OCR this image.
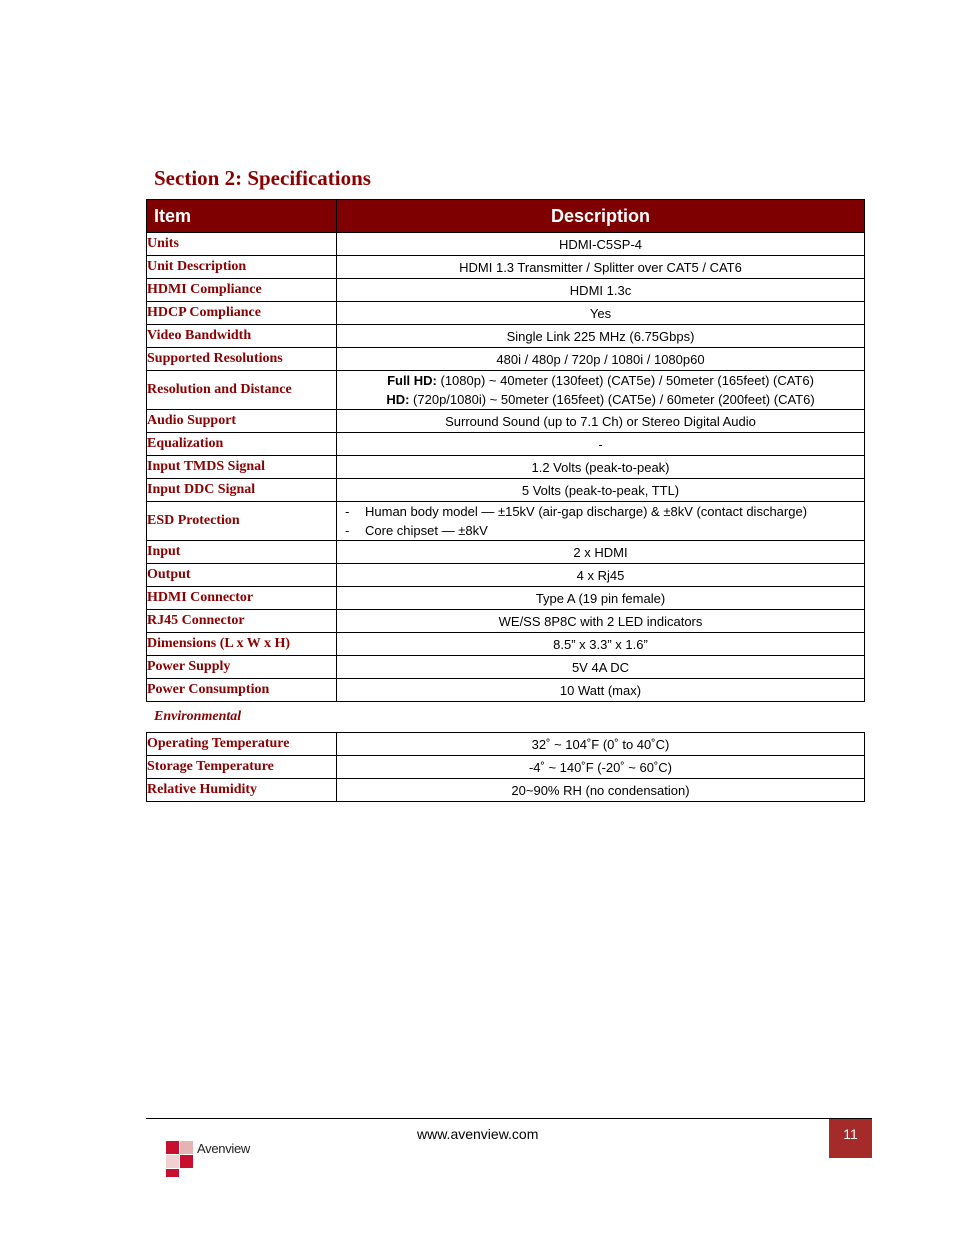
Section 2: Specifications
Item	Description
Units	HDMI-C5SP-4
Unit Description	HDMI 1.3 Transmitter / Splitter over CAT5 / CAT6
HDMI Compliance	HDMI 1.3c
HDCP Compliance	Yes
Video Bandwidth	Single Link 225 MHz (6.75Gbps)
Supported Resolutions	480i / 480p / 720p / 1080i / 1080p60
Resolution and Distance	Full HD: (1080p) ~ 40meter (130feet) (CAT5e) / 50meter (165feet) (CAT6)
HD: (720p/1080i) ~ 50meter (165feet) (CAT5e) / 60meter (200feet) (CAT6)

Audio Support	Surround Sound (up to 7.1 Ch) or Stereo Digital Audio
Equalization	-
Input TMDS Signal	1.2 Volts (peak-to-peak)
Input DDC Signal	5 Volts (peak-to-peak, TTL)
ESD Protection	- Human body model — ±15kV (air-gap discharge) & ±8kV (contact discharge)
- Core chipset — ±8kV

Input	2 x HDMI
Output	4 x Rj45
HDMI Connector	Type A (19 pin female)
RJ45 Connector	WE/SS 8P8C with 2 LED indicators
Dimensions (L x W x H)	8.5” x 3.3” x 1.6”
Power Supply	5V 4A DC
Power Consumption	10 Watt (max)
Environmental
Operating Temperature	32˚ ~ 104˚F (0˚ to 40˚C)
Storage Temperature	-4˚ ~ 140˚F (-20˚ ~ 60˚C)
Relative Humidity	20~90% RH (no condensation)
www.avenview.com	11
Avenview
